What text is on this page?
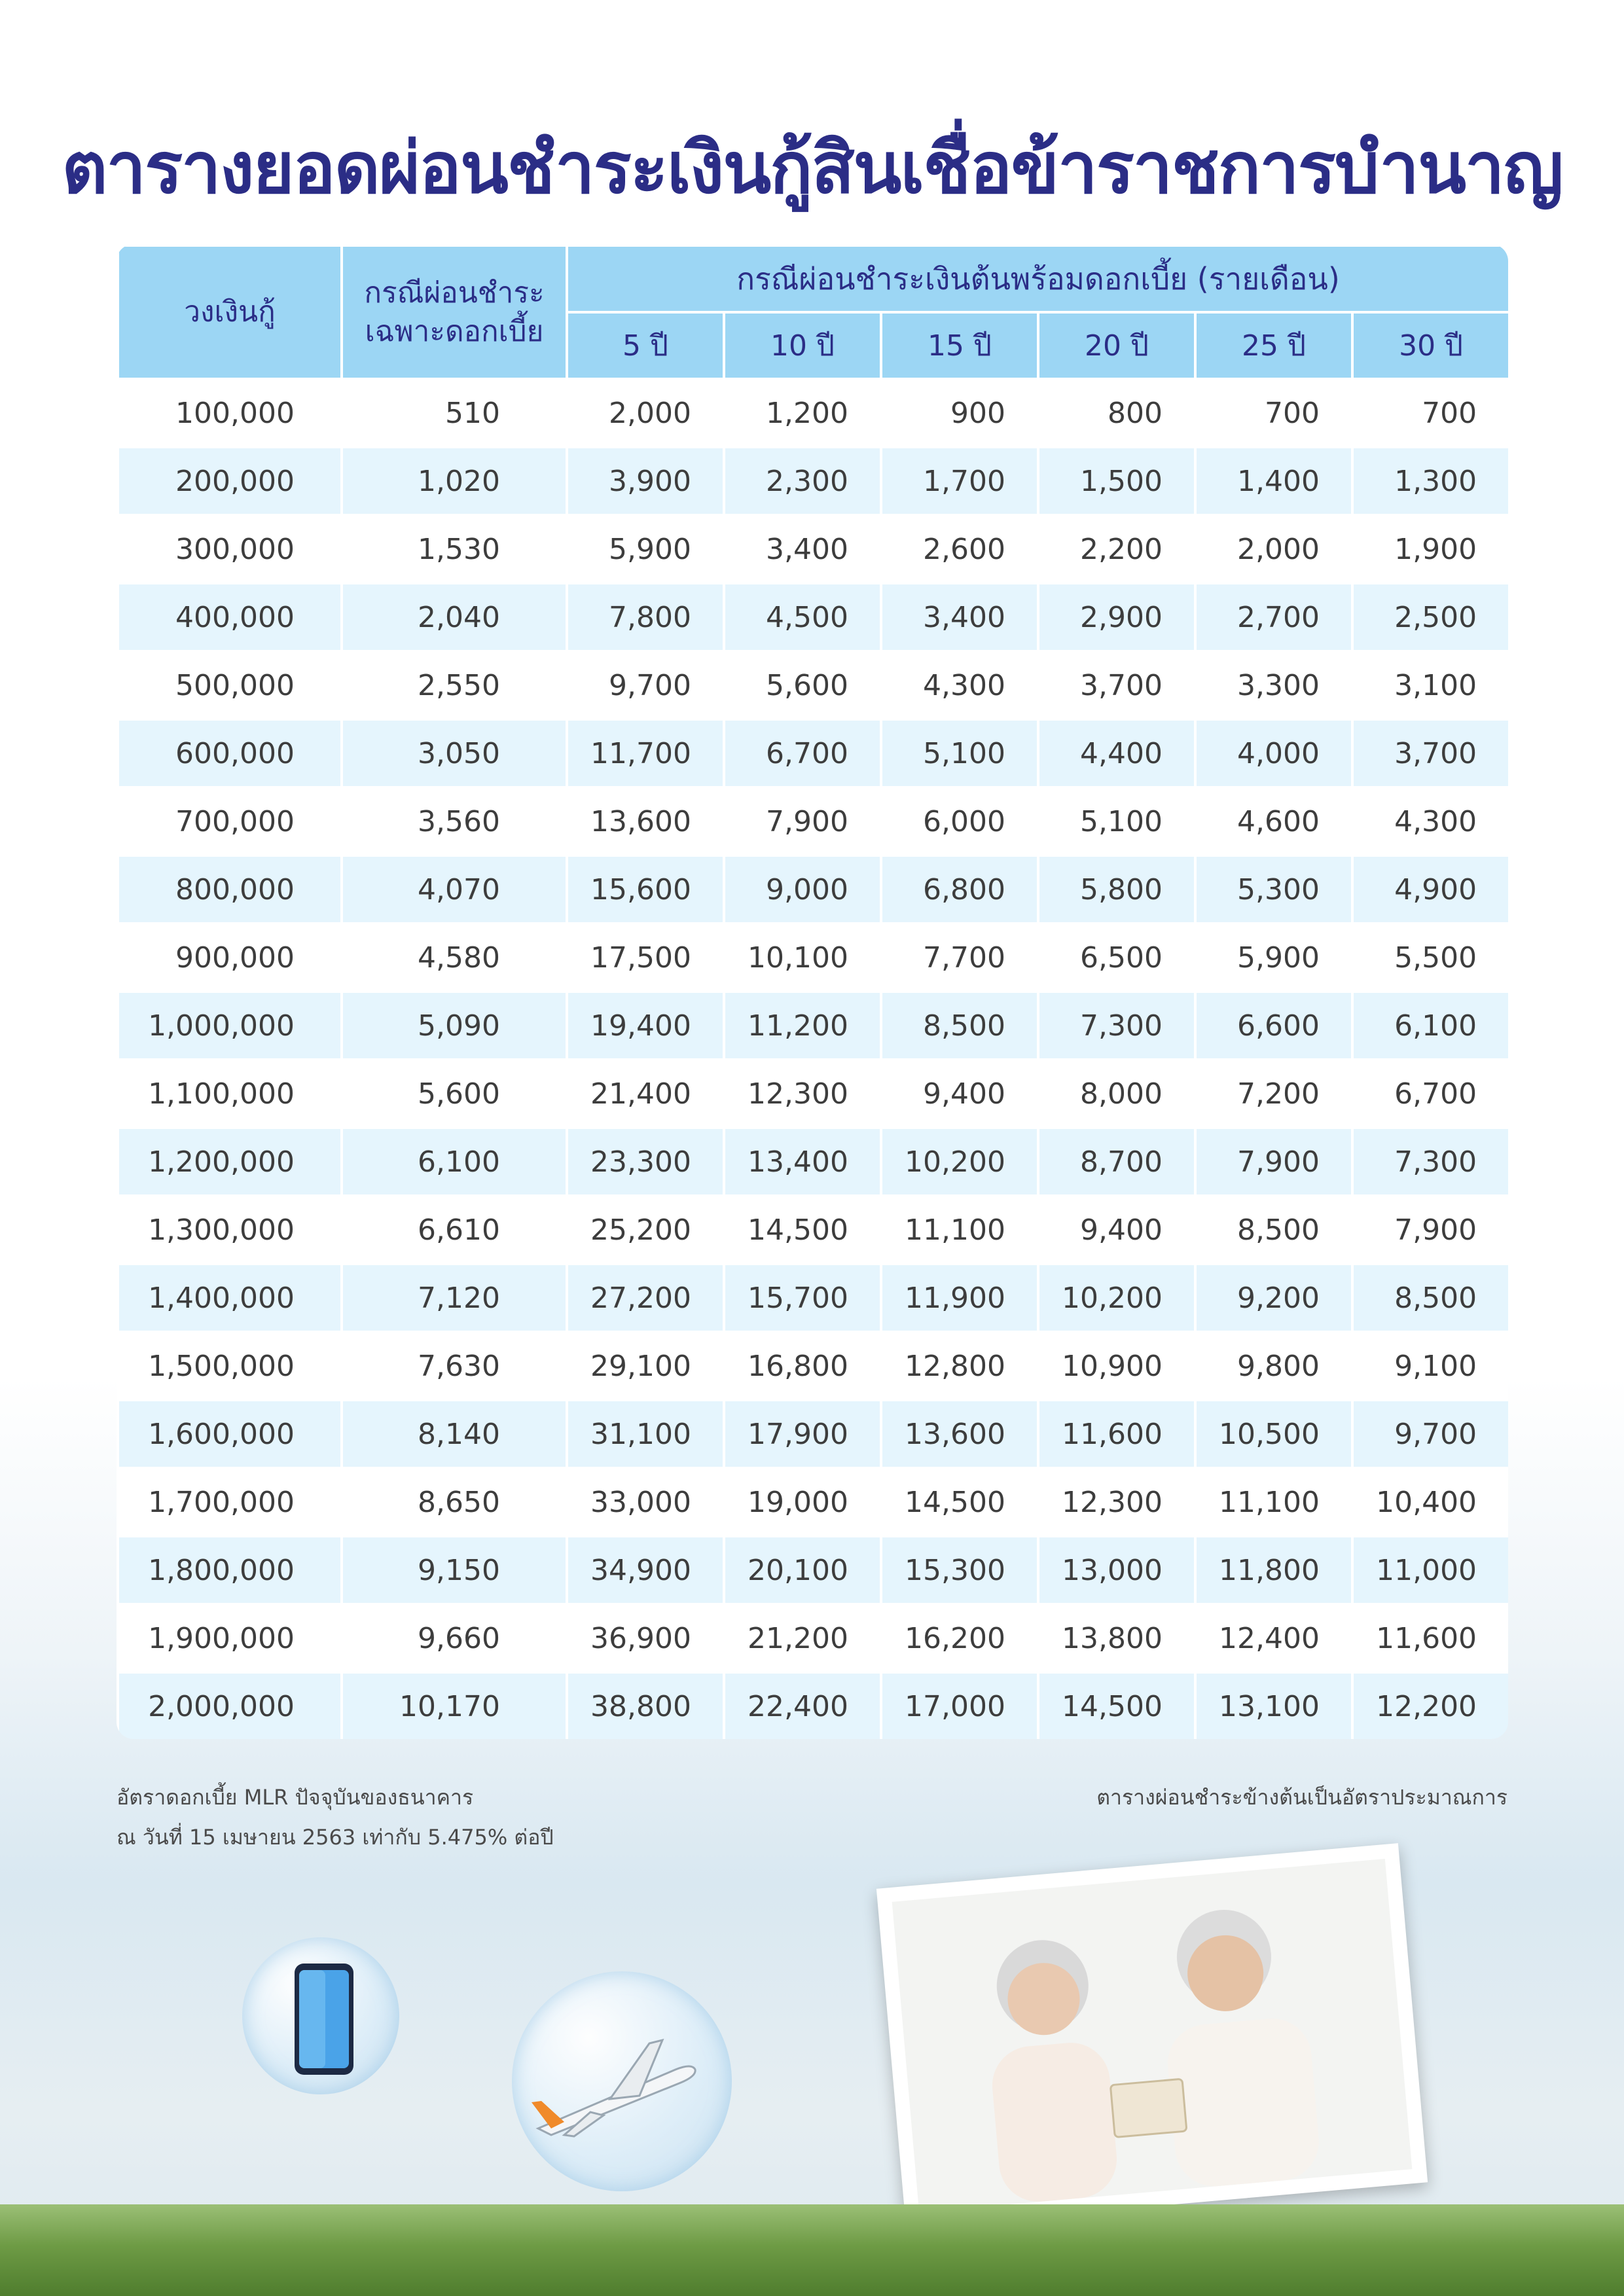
ตารางยอดผ่อนชำระเงินกู้สินเชื่อข้าราชการบำนาญ
วงเงินกู้	กรณีผ่อนชำระ เฉพาะดอกเบี้ย	กรณีผ่อนชำระเงินต้นพร้อมดอกเบี้ย (รายเดือน)					
		5 ปี	10 ปี	15 ปี	20 ปี	25 ปี	30 ปี
100,000	510	2,000	1,200	900	800	700	700
200,000	1,020	3,900	2,300	1,700	1,500	1,400	1,300
300,000	1,530	5,900	3,400	2,600	2,200	2,000	1,900
400,000	2,040	7,800	4,500	3,400	2,900	2,700	2,500
500,000	2,550	9,700	5,600	4,300	3,700	3,300	3,100
600,000	3,050	11,700	6,700	5,100	4,400	4,000	3,700
700,000	3,560	13,600	7,900	6,000	5,100	4,600	4,300
800,000	4,070	15,600	9,000	6,800	5,800	5,300	4,900
900,000	4,580	17,500	10,100	7,700	6,500	5,900	5,500
1,000,000	5,090	19,400	11,200	8,500	7,300	6,600	6,100
1,100,000	5,600	21,400	12,300	9,400	8,000	7,200	6,700
1,200,000	6,100	23,300	13,400	10,200	8,700	7,900	7,300
1,300,000	6,610	25,200	14,500	11,100	9,400	8,500	7,900
1,400,000	7,120	27,200	15,700	11,900	10,200	9,200	8,500
1,500,000	7,630	29,100	16,800	12,800	10,900	9,800	9,100
1,600,000	8,140	31,100	17,900	13,600	11,600	10,500	9,700
1,700,000	8,650	33,000	19,000	14,500	12,300	11,100	10,400
1,800,000	9,150	34,900	20,100	15,300	13,000	11,800	11,000
1,900,000	9,660	36,900	21,200	16,200	13,800	12,400	11,600
2,000,000	10,170	38,800	22,400	17,000	14,500	13,100	12,200
อัตราดอกเบี้ย MLR ปัจจุบันของธนาคาร
ณ วันที่ 15 เมษายน 2563 เท่ากับ 5.475% ต่อปี
ตารางผ่อนชำระข้างต้นเป็นอัตราประมาณการ
